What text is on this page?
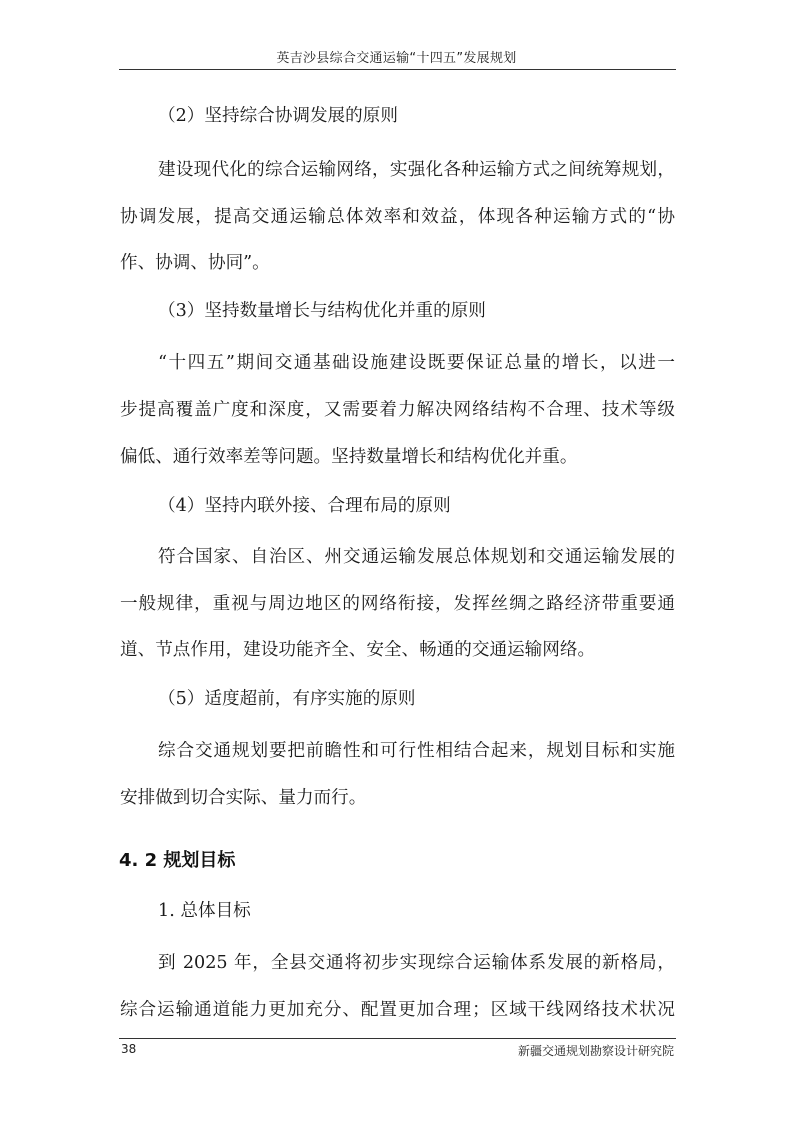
英吉沙县综合交通运输“十四五”发展规划
（2）坚持综合协调发展的原则
建设现代化的综合运输网络，实强化各种运输方式之间统筹规划，
协调发展，提高交通运输总体效率和效益，体现各种运输方式的“协
作、协调、协同”。
（3）坚持数量增长与结构优化并重的原则
“十四五”期间交通基础设施建设既要保证总量的增长，以进一
步提高覆盖广度和深度，又需要着力解决网络结构不合理、技术等级
偏低、通行效率差等问题。坚持数量增长和结构优化并重。
（4）坚持内联外接、合理布局的原则
符合国家、自治区、州交通运输发展总体规划和交通运输发展的
一般规律，重视与周边地区的网络衔接，发挥丝绸之路经济带重要通
道、节点作用，建设功能齐全、安全、畅通的交通运输网络。
（5）适度超前，有序实施的原则
综合交通规划要把前瞻性和可行性相结合起来，规划目标和实施
安排做到切合实际、量力而行。
4. 2 规划目标
1. 总体目标
到 2025 年，全县交通将初步实现综合运输体系发展的新格局，
综合运输通道能力更加充分、配置更加合理；区域干线网络技术状况
38	新疆交通规划勘察设计研究院
